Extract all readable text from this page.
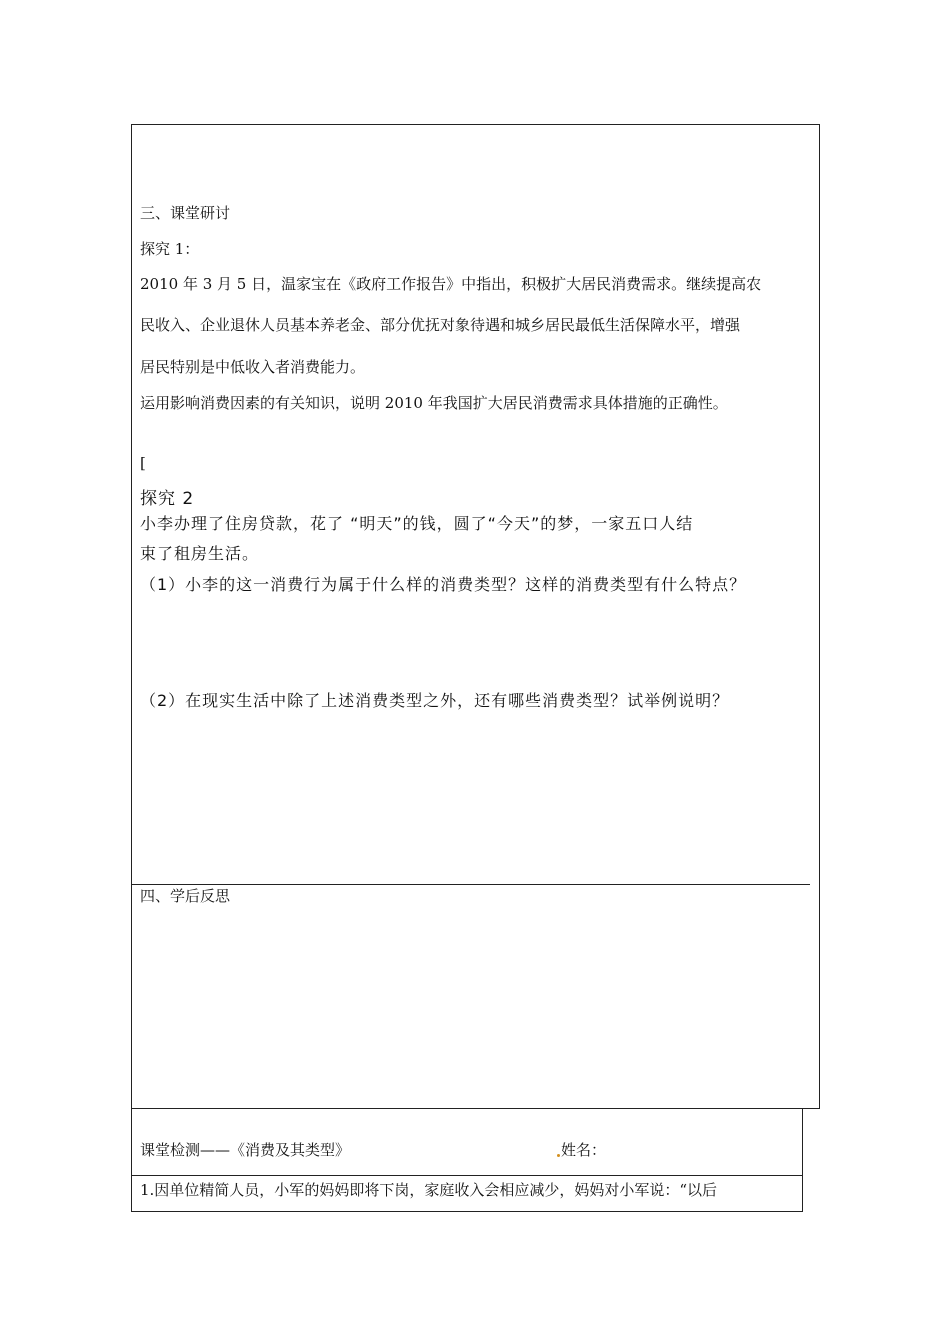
三、课堂研讨
探究 1：
2010 年 3 月 5 日，温家宝在《政府工作报告》中指出，积极扩大居民消费需求。继续提高农
民收入、企业退休人员基本养老金、部分优抚对象待遇和城乡居民最低生活保障水平，增强
居民特别是中低收入者消费能力。
运用影响消费因素的有关知识，说明 2010 年我国扩大居民消费需求具体措施的正确性。
[
探究 2
小李办理了住房贷款，花了 “明天”的钱，圆了“今天”的梦，一家五口人结
束了租房生活。
（1）小李的这一消费行为属于什么样的消费类型？这样的消费类型有什么特点？
（2）在现实生活中除了上述消费类型之外，还有哪些消费类型？试举例说明？
四、学后反思
课堂检测——《消费及其类型》	姓名：
1.因单位精简人员，小军的妈妈即将下岗，家庭收入会相应减少，妈妈对小军说：“以后
